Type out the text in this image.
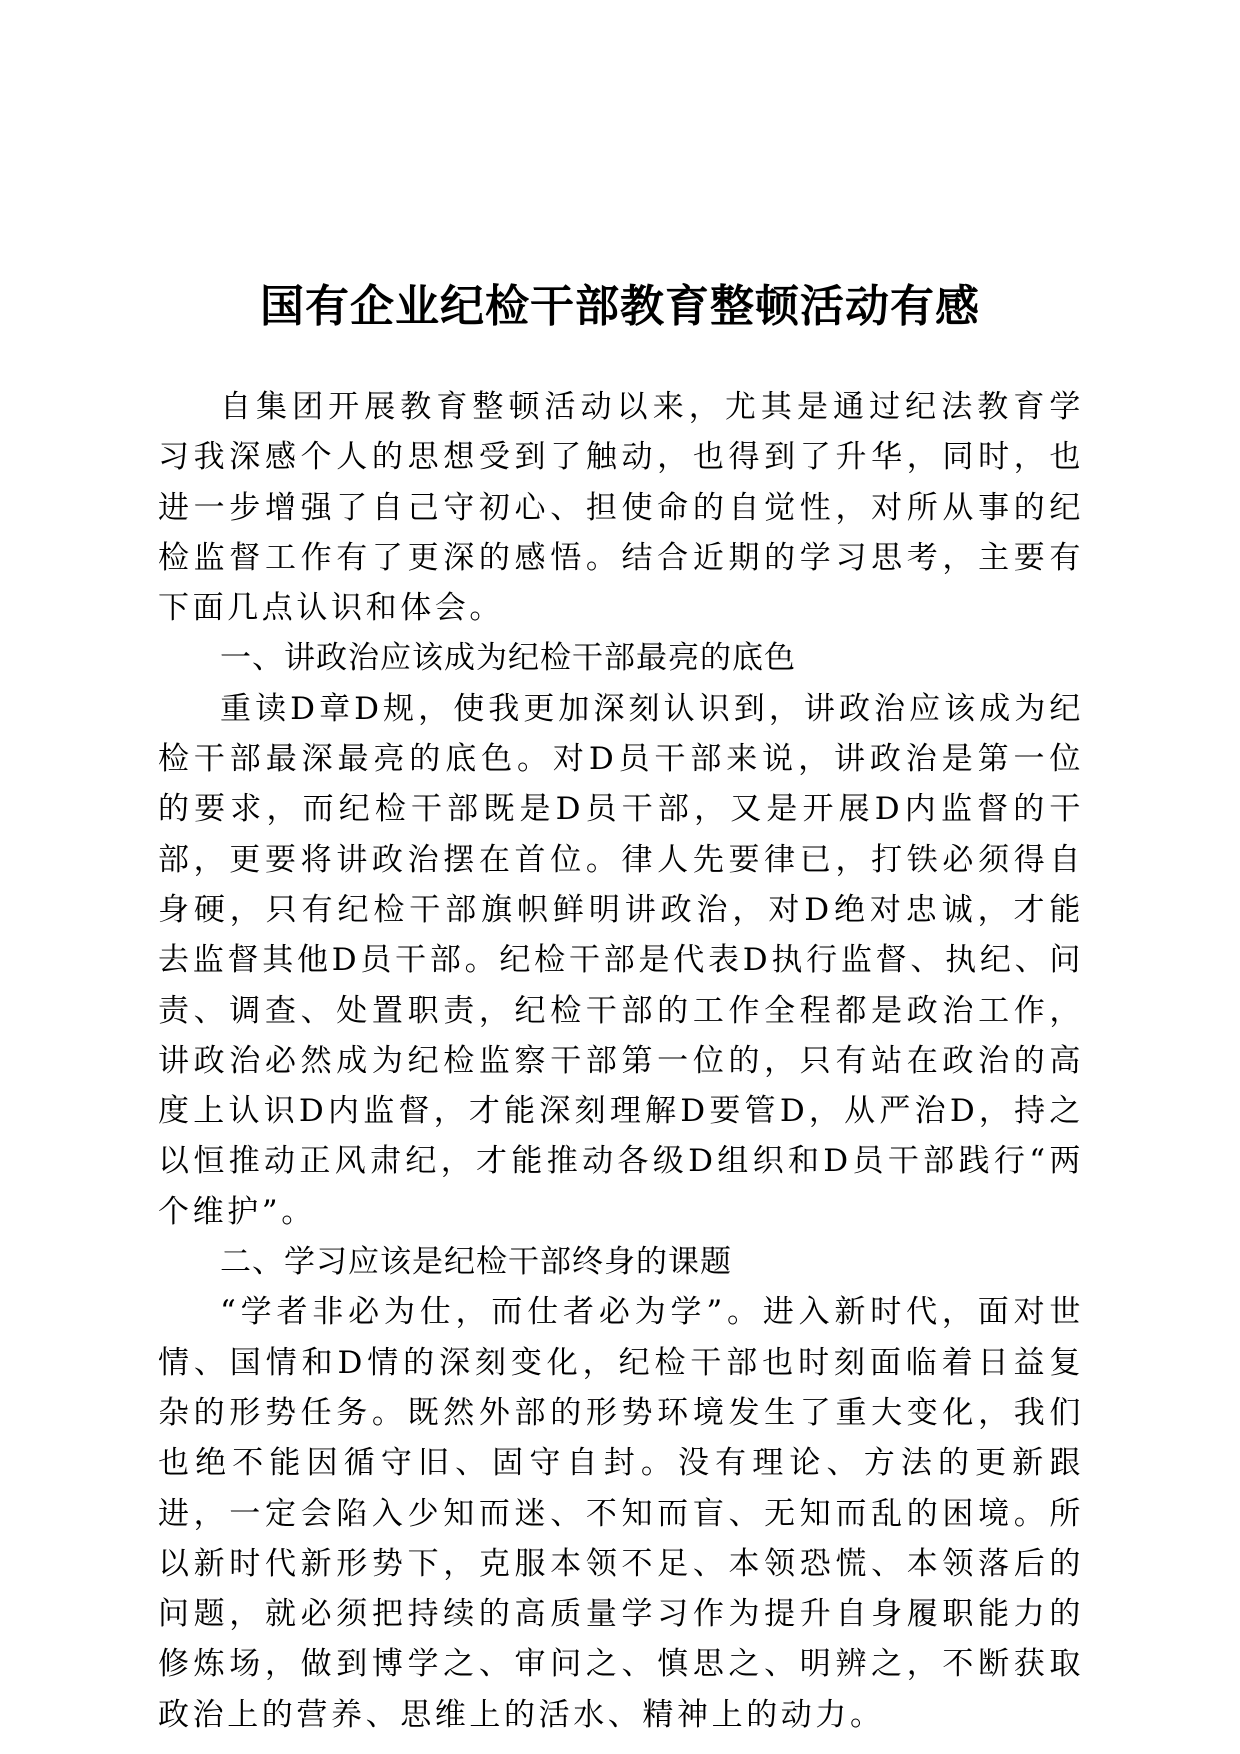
国有企业纪检干部教育整顿活动有感

自集团开展教育整顿活动以来，尤其是通过纪法教育学习我深感个人的思想受到了触动，也得到了升华，同时，也进一步增强了自己守初心、担使命的自觉性，对所从事的纪检监督工作有了更深的感悟。结合近期的学习思考，主要有下面几点认识和体会。

一、讲政治应该成为纪检干部最亮的底色

重读D章D规，使我更加深刻认识到，讲政治应该成为纪检干部最深最亮的底色。对D员干部来说，讲政治是第一位的要求，而纪检干部既是D员干部，又是开展D内监督的干部，更要将讲政治摆在首位。律人先要律已，打铁必须得自身硬，只有纪检干部旗帜鲜明讲政治，对D绝对忠诚，才能去监督其他D员干部。纪检干部是代表D执行监督、执纪、问责、调查、处置职责，纪检干部的工作全程都是政治工作，讲政治必然成为纪检监察干部第一位的，只有站在政治的高度上认识D内监督，才能深刻理解D要管D，从严治D，持之以恒推动正风肃纪，才能推动各级D组织和D员干部践行“两个维护”。

二、学习应该是纪检干部终身的课题

“学者非必为仕，而仕者必为学”。进入新时代，面对世情、国情和D情的深刻变化，纪检干部也时刻面临着日益复杂的形势任务。既然外部的形势环境发生了重大变化，我们也绝不能因循守旧、固守自封。没有理论、方法的更新跟进，一定会陷入少知而迷、不知而盲、无知而乱的困境。所以新时代新形势下，克服本领不足、本领恐慌、本领落后的问题，就必须把持续的高质量学习作为提升自身履职能力的修炼场，做到博学之、审问之、慎思之、明辨之，不断获取政治上的营养、思维上的活水、精神上的动力。
